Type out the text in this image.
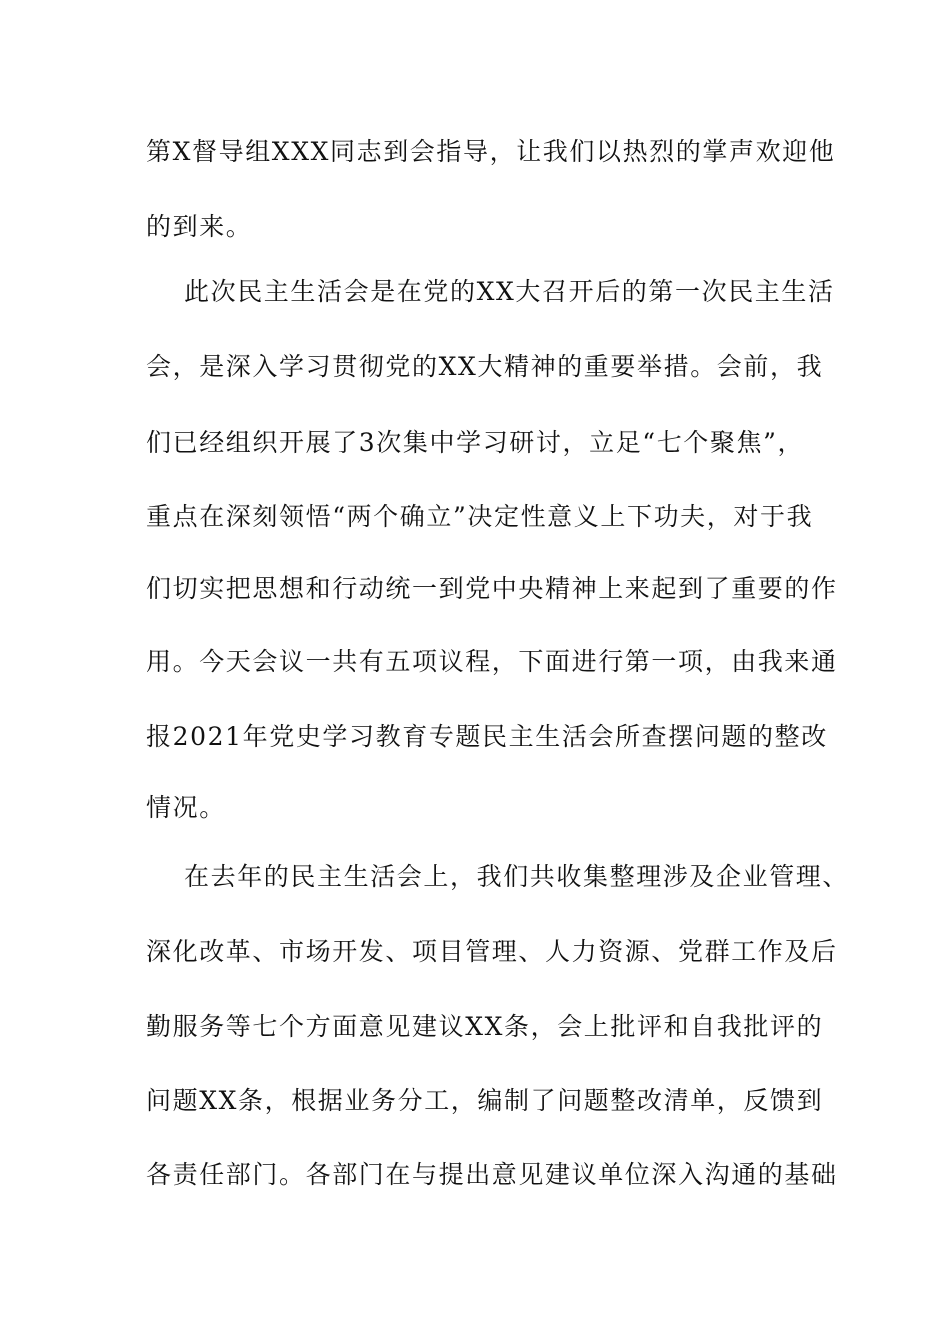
第X督导组XXX同志到会指导，让我们以热烈的掌声欢迎他
的到来。
此次民主生活会是在党的XX大召开后的第一次民主生活
会，是深入学习贯彻党的XX大精神的重要举措。会前，我
们已经组织开展了3次集中学习研讨，立足“七个聚焦”，
重点在深刻领悟“两个确立”决定性意义上下功夫，对于我
们切实把思想和行动统一到党中央精神上来起到了重要的作
用。今天会议一共有五项议程，下面进行第一项，由我来通
报2021年党史学习教育专题民主生活会所查摆问题的整改
情况。
在去年的民主生活会上，我们共收集整理涉及企业管理、
深化改革、市场开发、项目管理、人力资源、党群工作及后
勤服务等七个方面意见建议XX条，会上批评和自我批评的
问题XX条，根据业务分工，编制了问题整改清单，反馈到
各责任部门。各部门在与提出意见建议单位深入沟通的基础
